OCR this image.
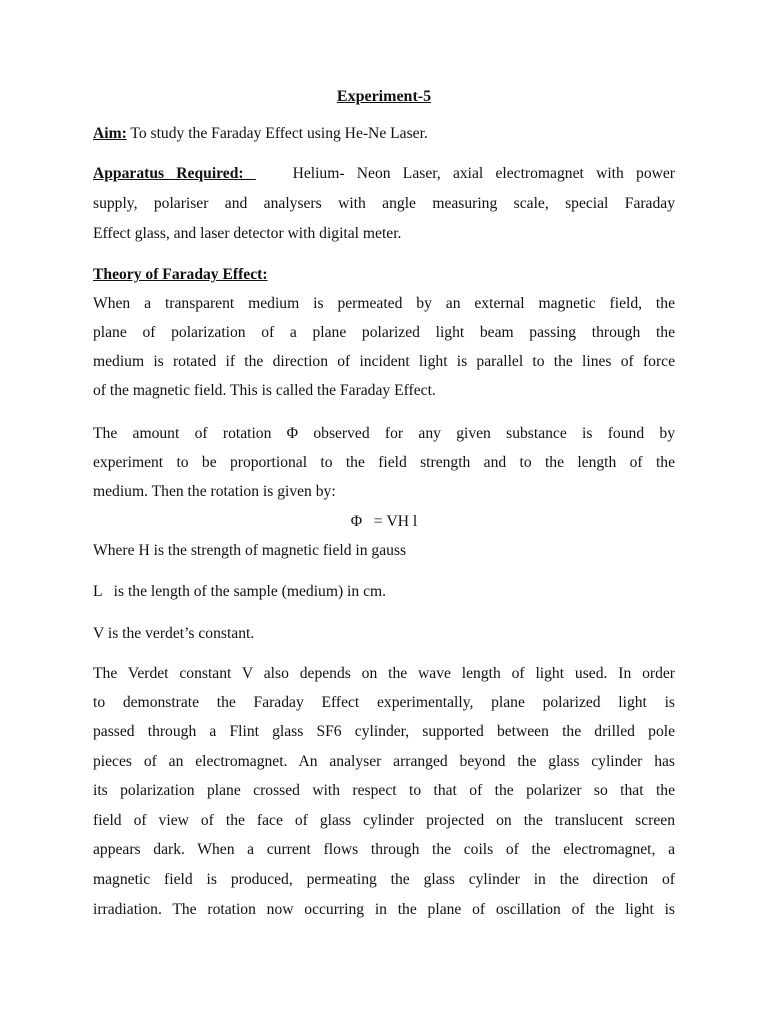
Experiment-5

Aim: To study the Faraday Effect using He-Ne Laser.

Apparatus Required:    Helium- Neon Laser, axial electromagnet with power

supply, polariser and analysers with angle measuring scale, special Faraday

Effect glass, and laser detector with digital meter.

Theory of Faraday Effect:

When a transparent medium is permeated by an external magnetic field, the

plane of polarization of a plane polarized light beam passing through the

medium is rotated if the direction of incident light is parallel to the lines of force

of the magnetic field. This is called the Faraday Effect.

The amount of rotation Φ observed for any given substance is found by

experiment to be proportional to the field strength and to the length of the

medium. Then the rotation is given by:

Φ   = VH l

Where H is the strength of magnetic field in gauss

L   is the length of the sample (medium) in cm.

V is the verdet’s constant.

The Verdet constant V also depends on the wave length of light used. In order

to demonstrate the Faraday Effect experimentally, plane polarized light is

passed through a Flint glass SF6 cylinder, supported between the drilled pole

pieces of an electromagnet. An analyser arranged beyond the glass cylinder has

its polarization plane crossed with respect to that of the polarizer so that the

field of view of the face of glass cylinder projected on the translucent screen

appears dark. When a current flows through the coils of the electromagnet, a

magnetic field is produced, permeating the glass cylinder in the direction of

irradiation. The rotation now occurring in the plane of oscillation of the light is
